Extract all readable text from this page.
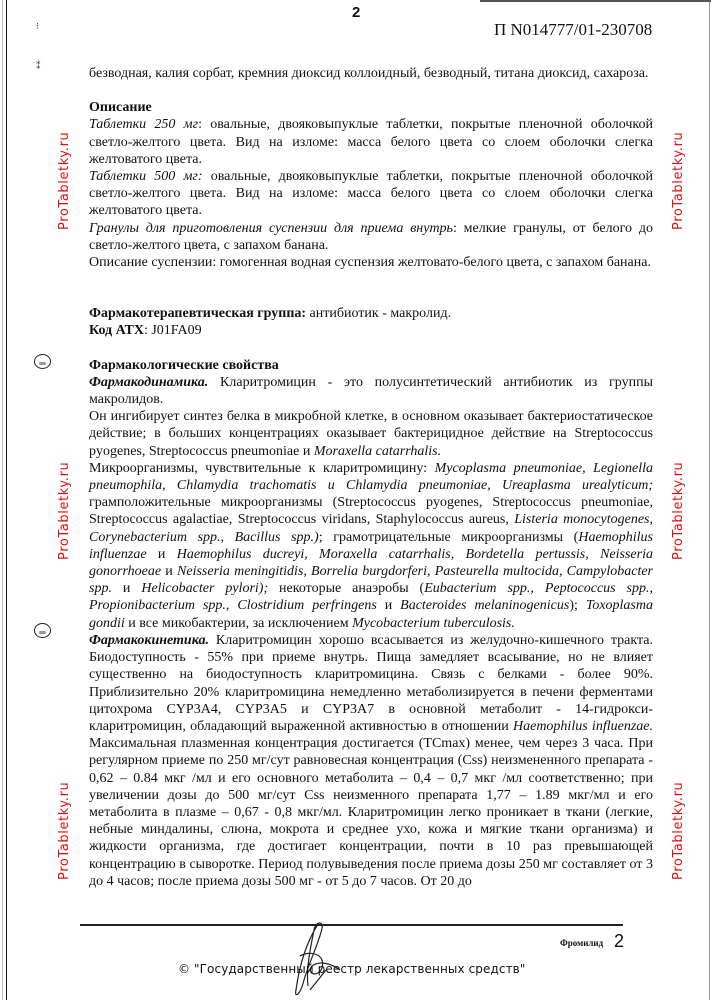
2
П N014777/01-230708
⁝
⁑	безводная, калия сорбат, кремния диоксид коллоидный, безводный, титана диоксид, сахароза.

Описание

Таблетки 250 мг: овальные, двояковыпуклые таблетки, покрытые пленочной оболочкой светло-желтого цвета. Вид на изломе: масса белого цвета со слоем оболочки слегка желтоватого цвета.

Таблетки 500 мг: овальные, двояковыпуклые таблетки, покрытые пленочной оболочкой светло-желтого цвета. Вид на изломе: масса белого цвета со слоем оболочки слегка желтоватого цвета.

Гранулы для приготовления суспензии для приема внутрь: мелкие гранулы, от белого до светло-желтого цвета, с запахом банана.

Описание суспензии: гомогенная водная суспензия желтовато-белого цвета, с запахом банана.

Фармакотерапевтическая группа: антибиотик - макролид.

Код АТХ: J01FA09

Фармакологические свойства

Фармакодинамика. Кларитромицин - это полусинтетический антибиотик из группы макролидов.

Он ингибирует синтез белка в микробной клетке, в основном оказывает бактериостатическое действие; в больших концентрациях оказывает бактерицидное действие на Streptococcus pyogenes, Streptococcus pneumoniae и Moraxella catarrhalis.

Микроорганизмы, чувствительные к кларитромицину: Mycoplasma pneumoniae, Legionella pneumophila, Chlamydia trachomatis и Chlamydia pneumoniae, Ureaplasma urealyticum; грамположительные микроорганизмы (Streptococcus pyogenes, Streptococcus pneumoniae, Streptococcus agalactiae, Streptococcus viridans, Staphylococcus aureus, Listeria monocytogenes, Corynebacterium spp., Bacillus spp.); грамотрицательные микроорганизмы (Haemophilus influenzae и Haemophilus ducreyi, Moraxella catarrhalis, Bordetella pertussis, Neisseria gonorrhoeae и Neisseria meningitidis, Borrelia burgdorferi, Pasteurella multocida, Campylobacter spp. и Helicobacter pylori); некоторые анаэробы (Eubacterium spp., Peptococcus spp., Propionibacterium spp., Clostridium perfringens и Bacteroides melaninogenicus); Toxoplasma gondii и все микобактерии, за исключением Mycobacterium tuberculosis.

Фармакокинетика. Кларитромицин хорошо всасывается из желудочно-кишечного тракта. Биодоступность - 55% при приеме внутрь. Пища замедляет всасывание, но не влияет существенно на биодоступность кларитромицина. Связь с белками - более 90%. Приблизительно 20% кларитромицина немедленно метаболизируется в печени ферментами цитохрома CYP3A4, CYP3A5 и CYP3A7 в основной метаболит - 14-гидрокси-кларитромицин, обладающий выраженной активностью в отношении Haemophilus influenzae. Максимальная плазменная концентрация достигается (TCmax) менее, чем через 3 часа. При регулярном приеме по 250 мг/сут равновесная концентрация (Css) неизмененного препарата - 0,62 – 0.84 мкг /мл и его основного метаболита – 0,4 – 0,7 мкг /мл соответственно; при увеличении дозы до 500 мг/сут Css неизменного препарата 1,77 – 1.89 мкг/мл и его метаболита в плазме – 0,67 - 0,8 мкг/мл. Кларитромицин легко проникает в ткани (легкие, небные миндалины, слюна, мокрота и среднее ухо, кожа и мягкие ткани организма) и жидкости организма, где достигает концентрации, почти в 10 раз превышающей концентрацию в сыворотке. Период полувыведения после приема дозы 250 мг составляет от 3 до 4 часов; после приема дозы 500 мг - от 5 до 7 часов. От 20 до

Фромилид 2
© "Государственный реестр лекарственных средств"
ProTabletky.ru
ProTabletky.ru
ProTabletky.ru
ProTabletky.ru
ProTabletky.ru
ProTabletky.ru
